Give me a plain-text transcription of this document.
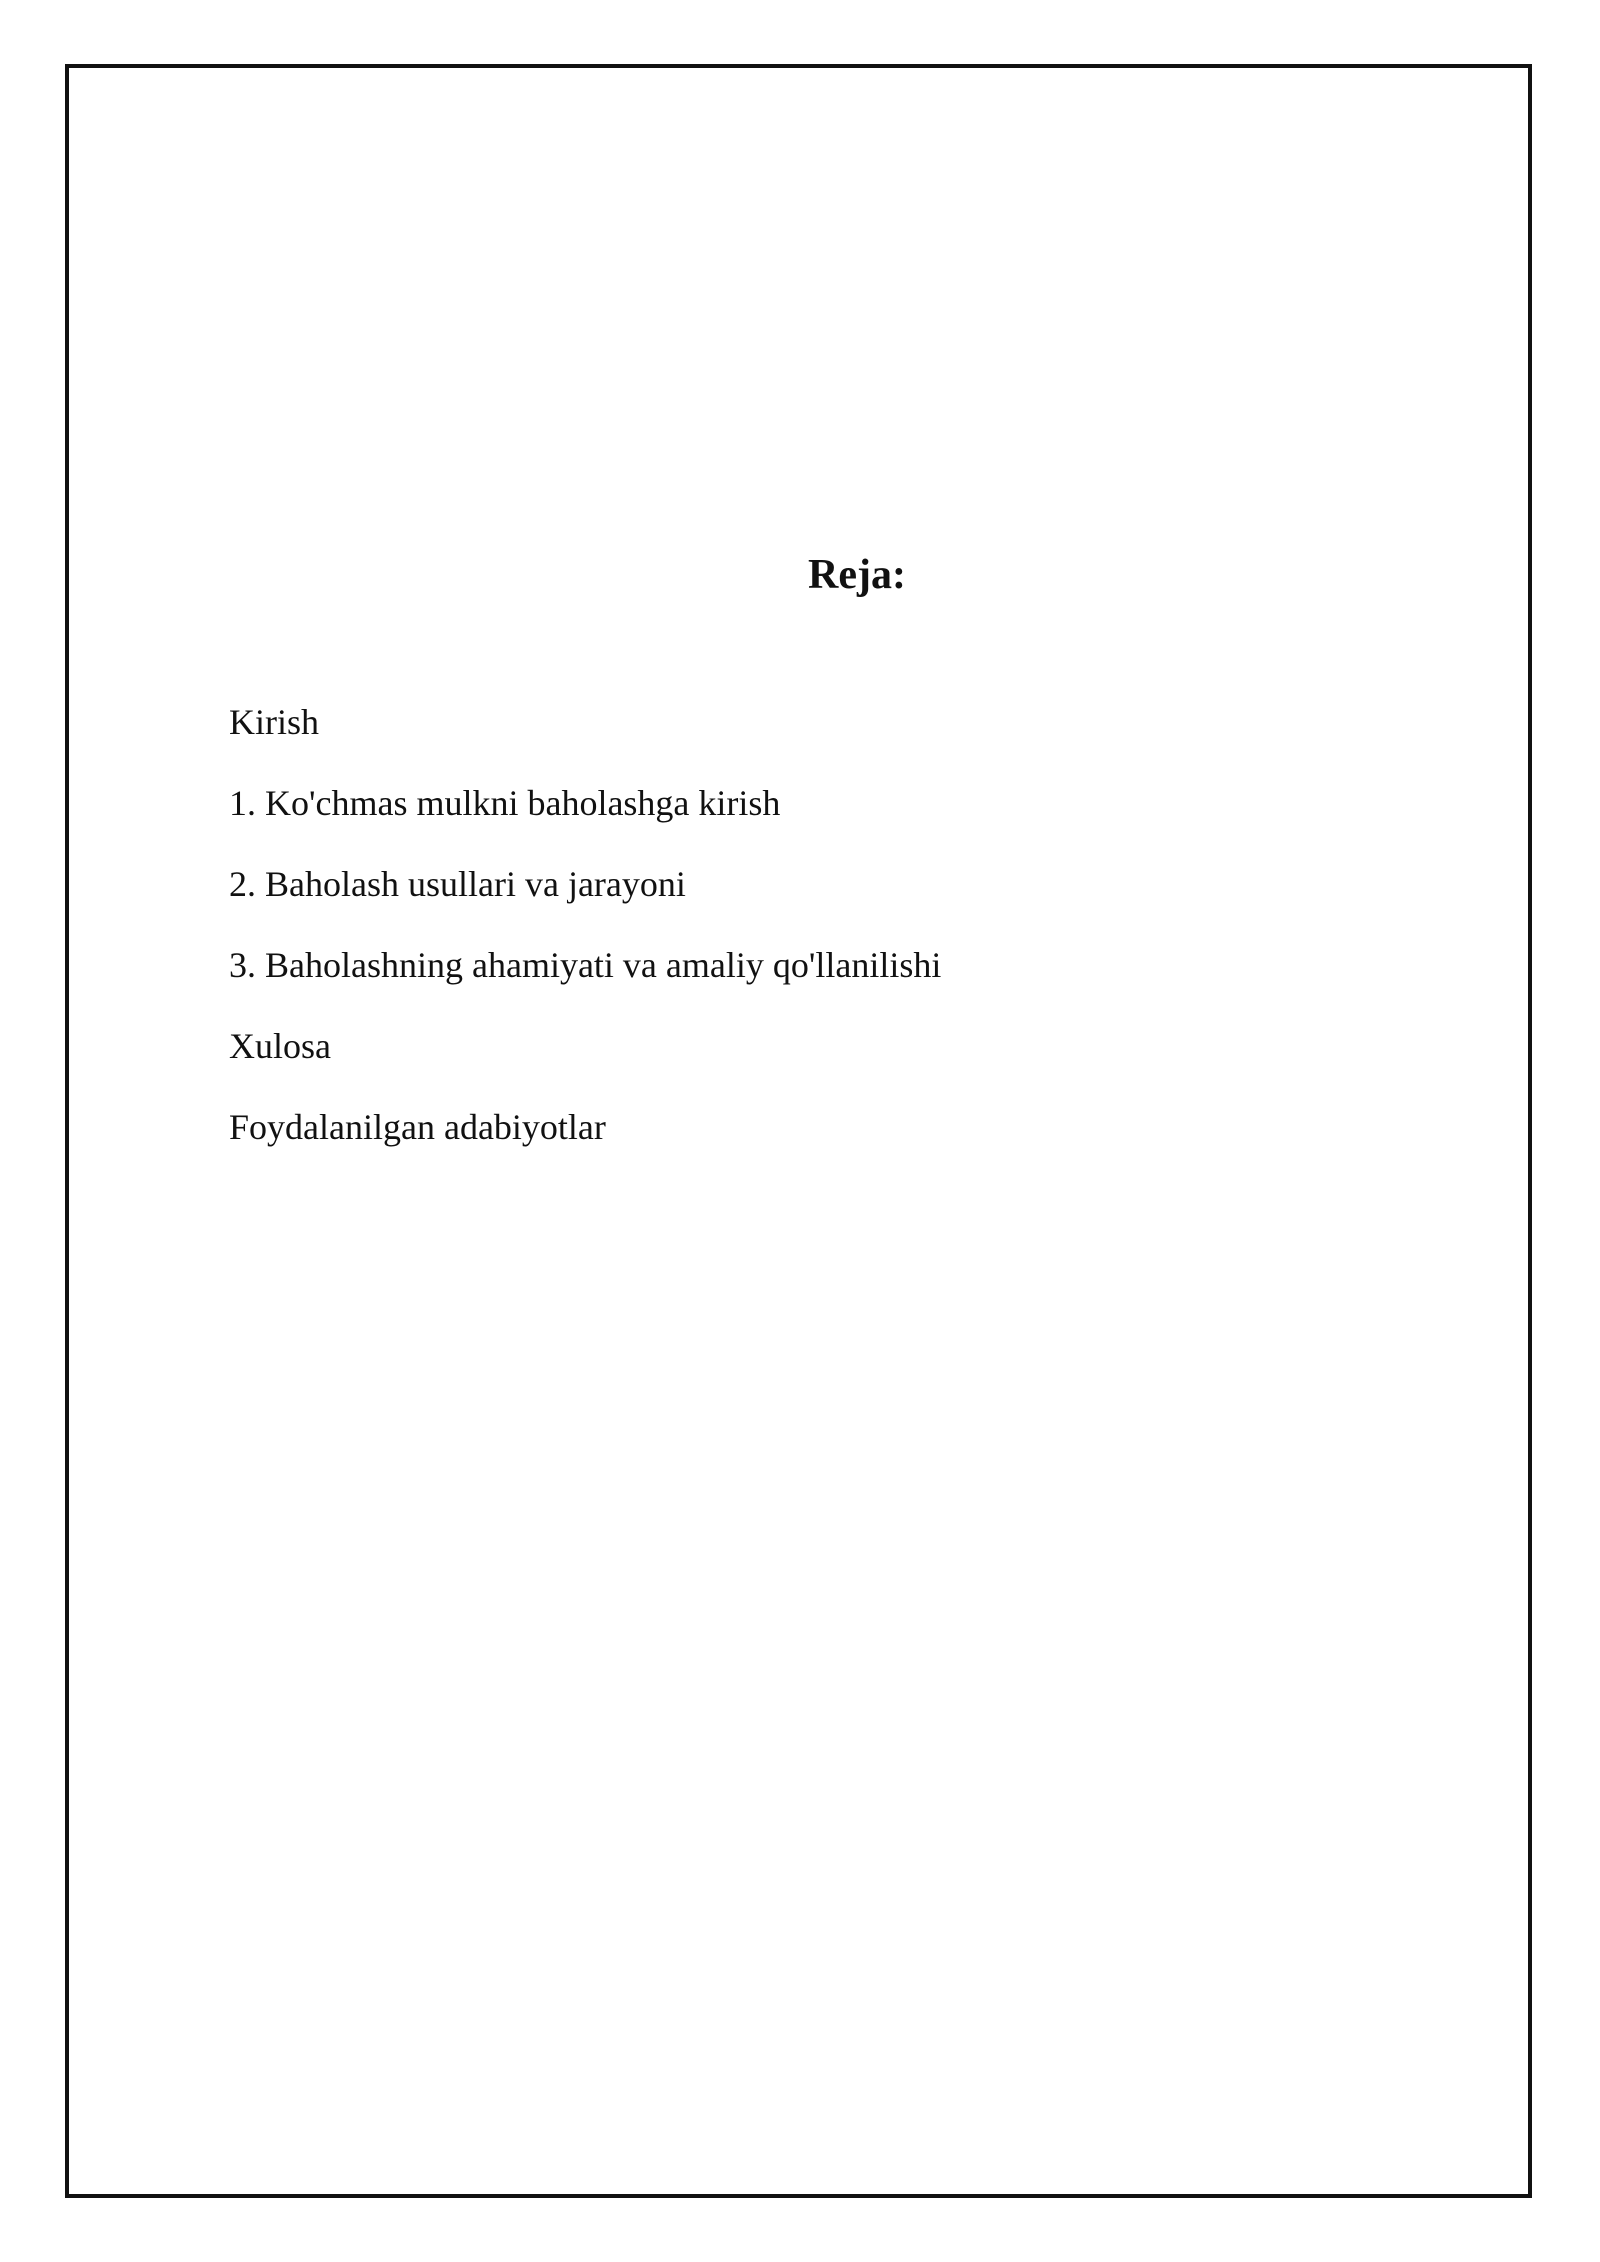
Reja:
Kirish
1. Ko'chmas mulkni baholashga kirish
2. Baholash usullari va jarayoni
3. Baholashning ahamiyati va amaliy qo'llanilishi
Xulosa
Foydalanilgan adabiyotlar
